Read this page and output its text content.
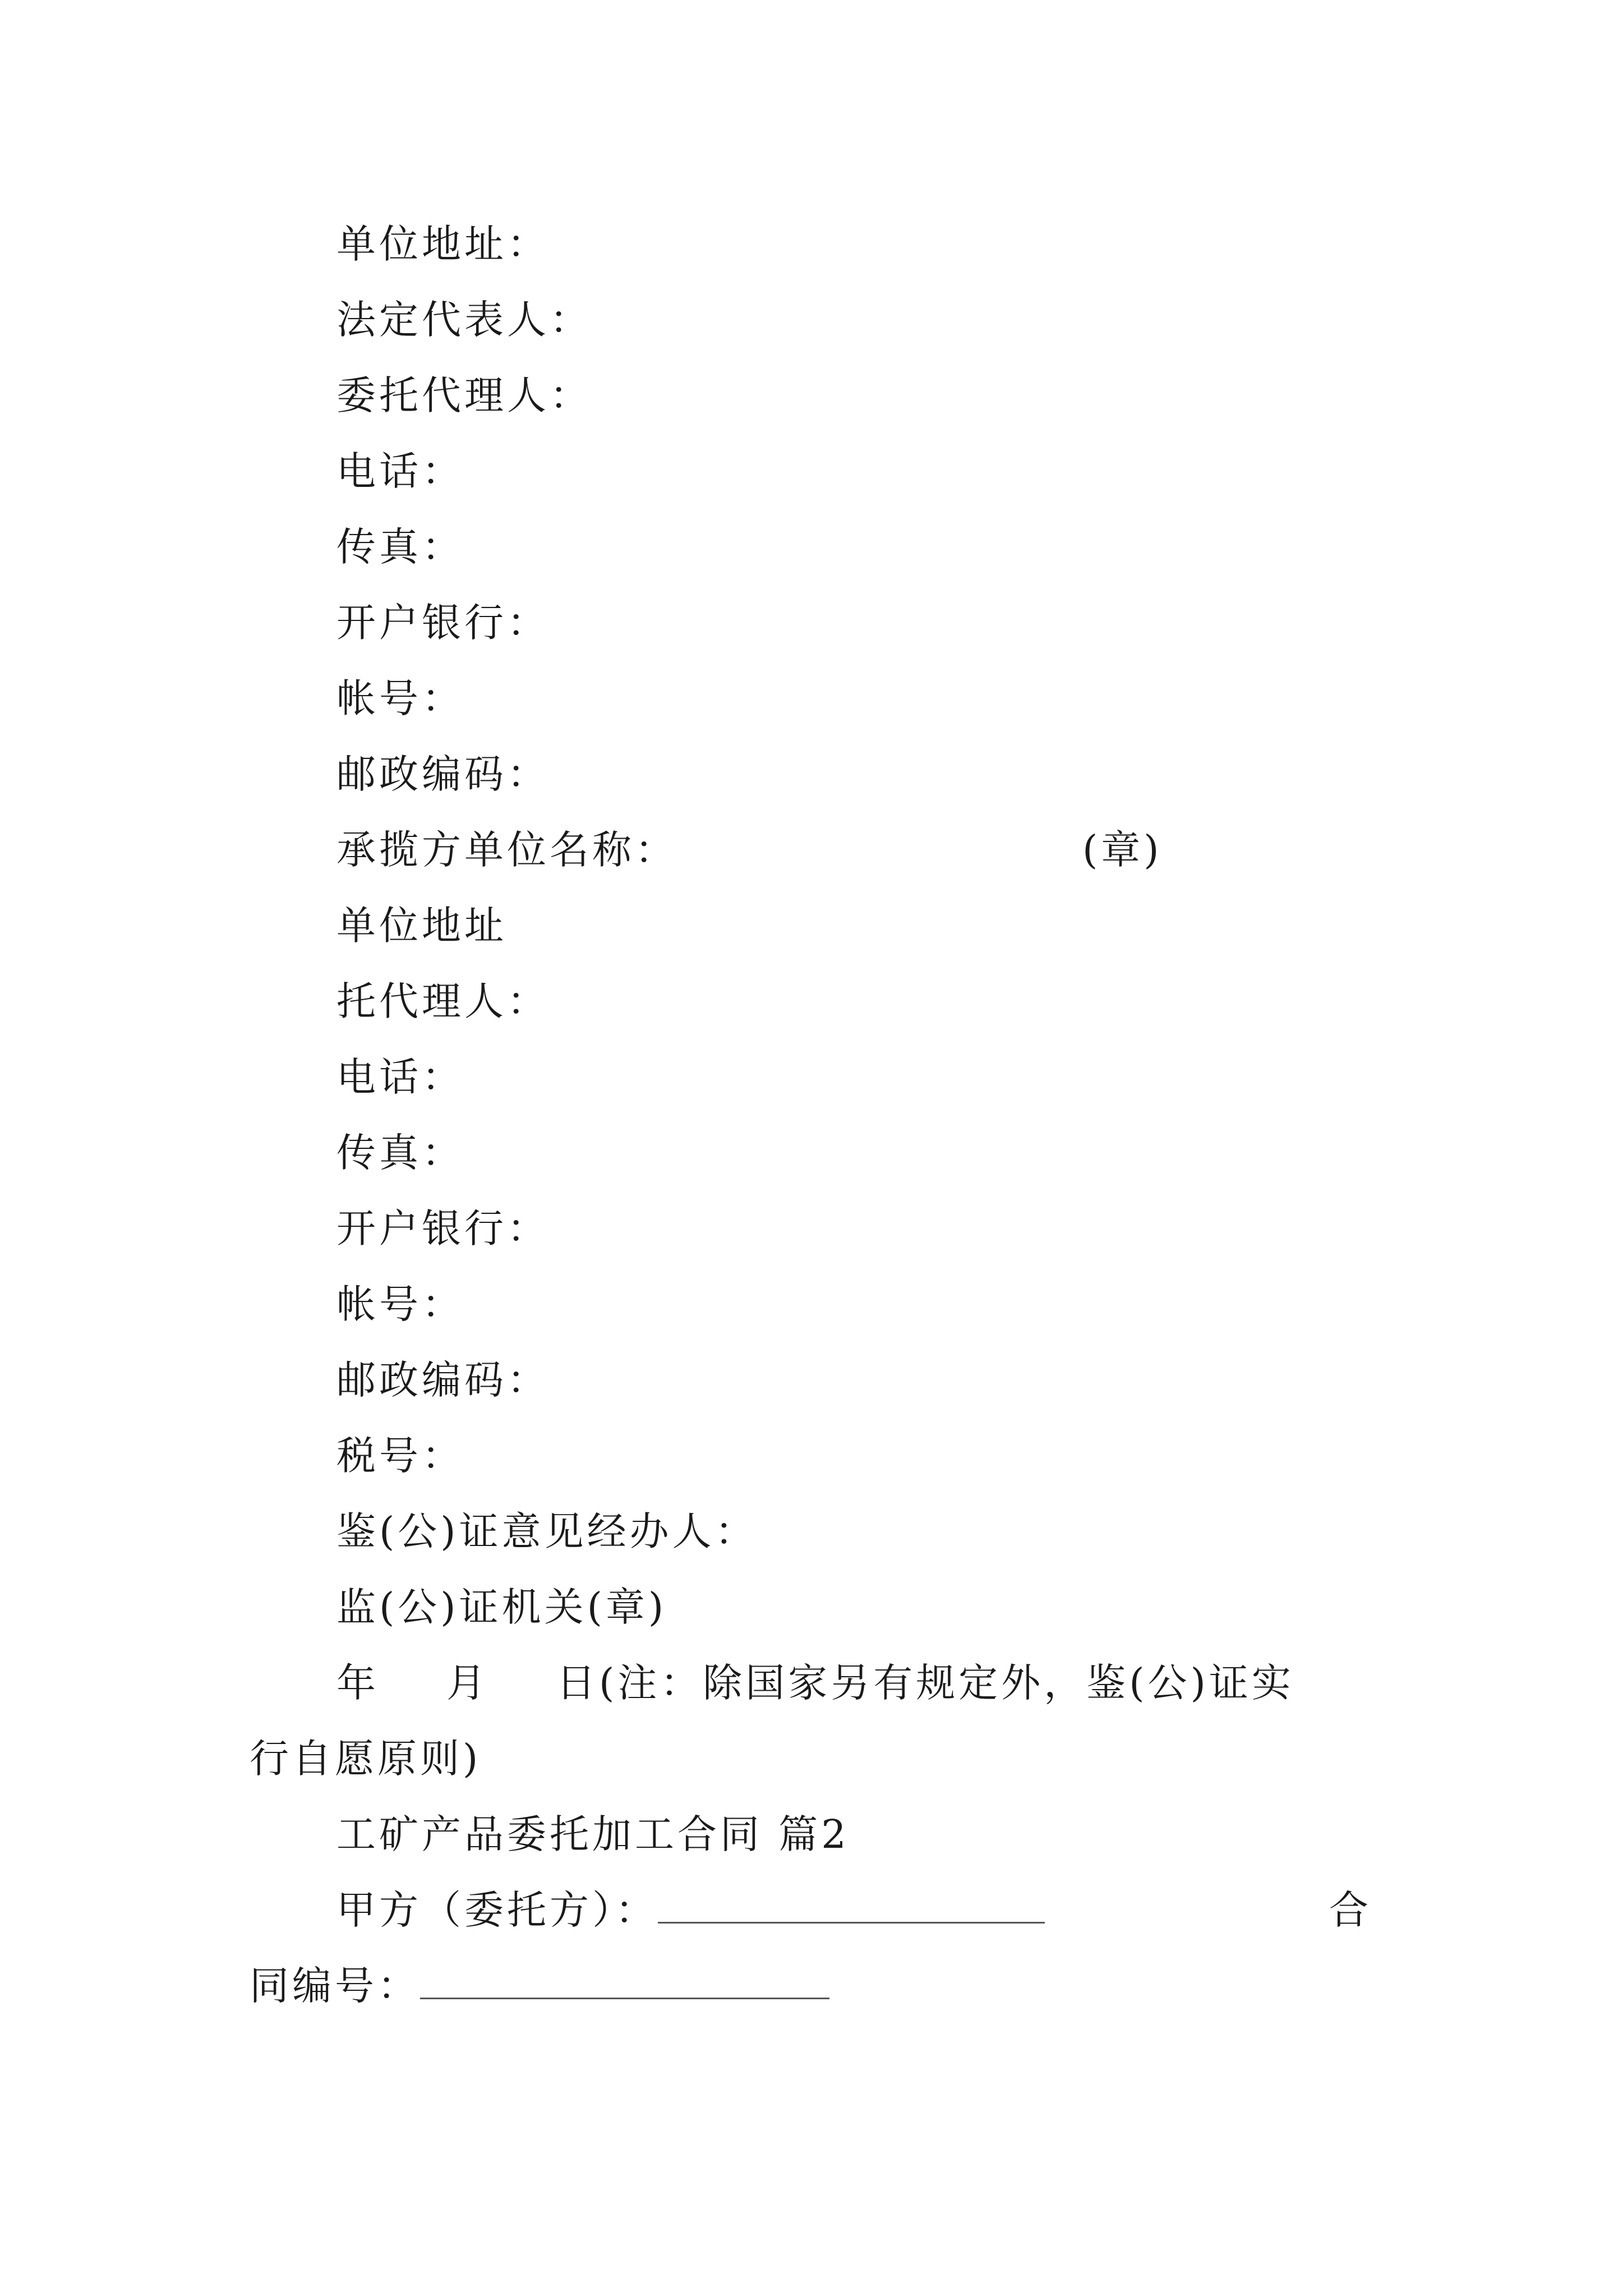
单位地址：
法定代表人：
委托代理人：
电话：
传真：
开户银行：
帐号：
邮政编码：
承揽方单位名称：	(章)
单位地址
托代理人：
电话：
传真：
开户银行：
帐号：
邮政编码：
税号：
鉴(公)证意见经办人：
监(公)证机关(章)
年 月 日(注：除国家另有规定外，鉴(公)证实
行自愿原则)
工矿产品委托加工合同 篇2
甲方（委托方）：	合
同编号：
